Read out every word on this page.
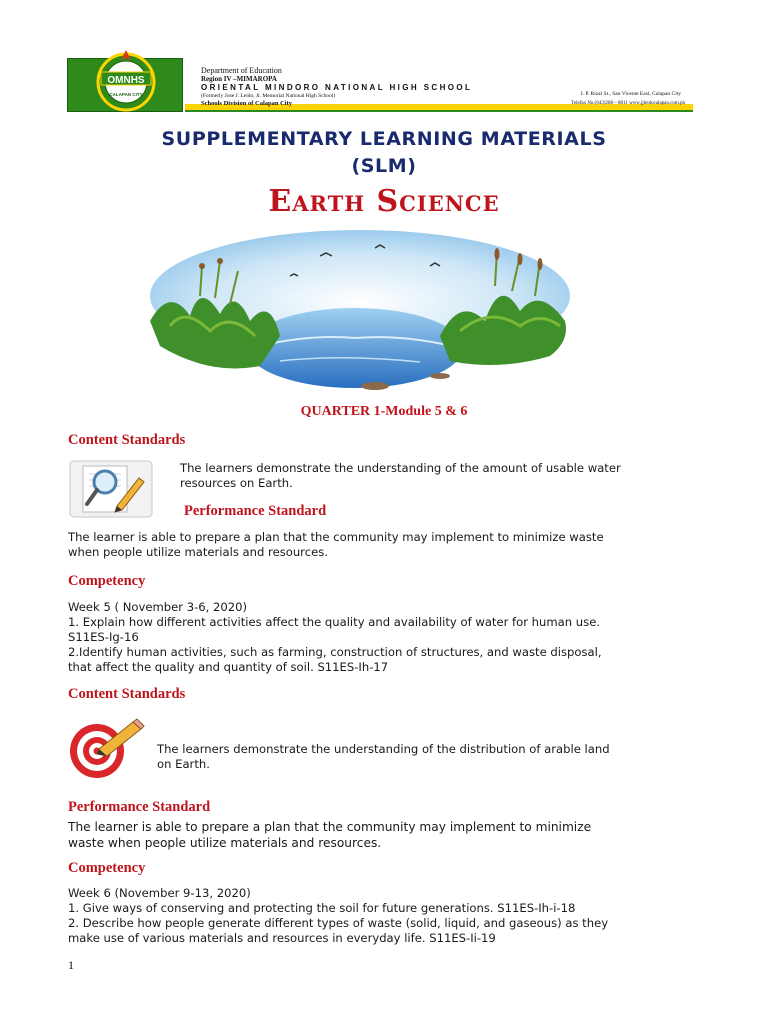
OMNHS
CALAPAN CITY
Department of Education
Region IV –MIMAROPA
ORIENTAL MINDORO NATIONAL HIGH SCHOOL
(Formerly Jose J. Leido, Jr. Memorial National High School)
Schools Division of Calapan City
J. P. Rizal St., San Vicente East, Calapan City
Telefax No.(043)288 – 8811 www.jjleidocalapan.com.ph
SUPPLEMENTARY LEARNING MATERIALS
(SLM)
Earth Science
QUARTER 1-Module 5 & 6
Content Standards
The learners demonstrate the understanding of the amount of usable water
resources on Earth.
Performance Standard
The learner is able to prepare a plan that the community may implement to minimize waste
when people utilize materials and resources.
Competency
Week 5 ( November 3-6, 2020)
1. Explain how different activities affect the quality and availability of water for human use.
S11ES-Ig-16
2.Identify human activities, such as farming, construction of structures, and waste disposal,
that affect the quality and quantity of soil. S11ES-Ih-17
Content Standards
The learners demonstrate the understanding of the distribution of arable land
on Earth.
Performance Standard
The learner is able to prepare a plan that the community may implement to minimize
waste when people utilize materials and resources.
Competency
Week 6 (November 9-13, 2020)
1. Give ways of conserving and protecting the soil for future generations. S11ES-Ih-i-18
2. Describe how people generate different types of waste (solid, liquid, and gaseous) as they
make use of various materials and resources in everyday life. S11ES-Ii-19
1
